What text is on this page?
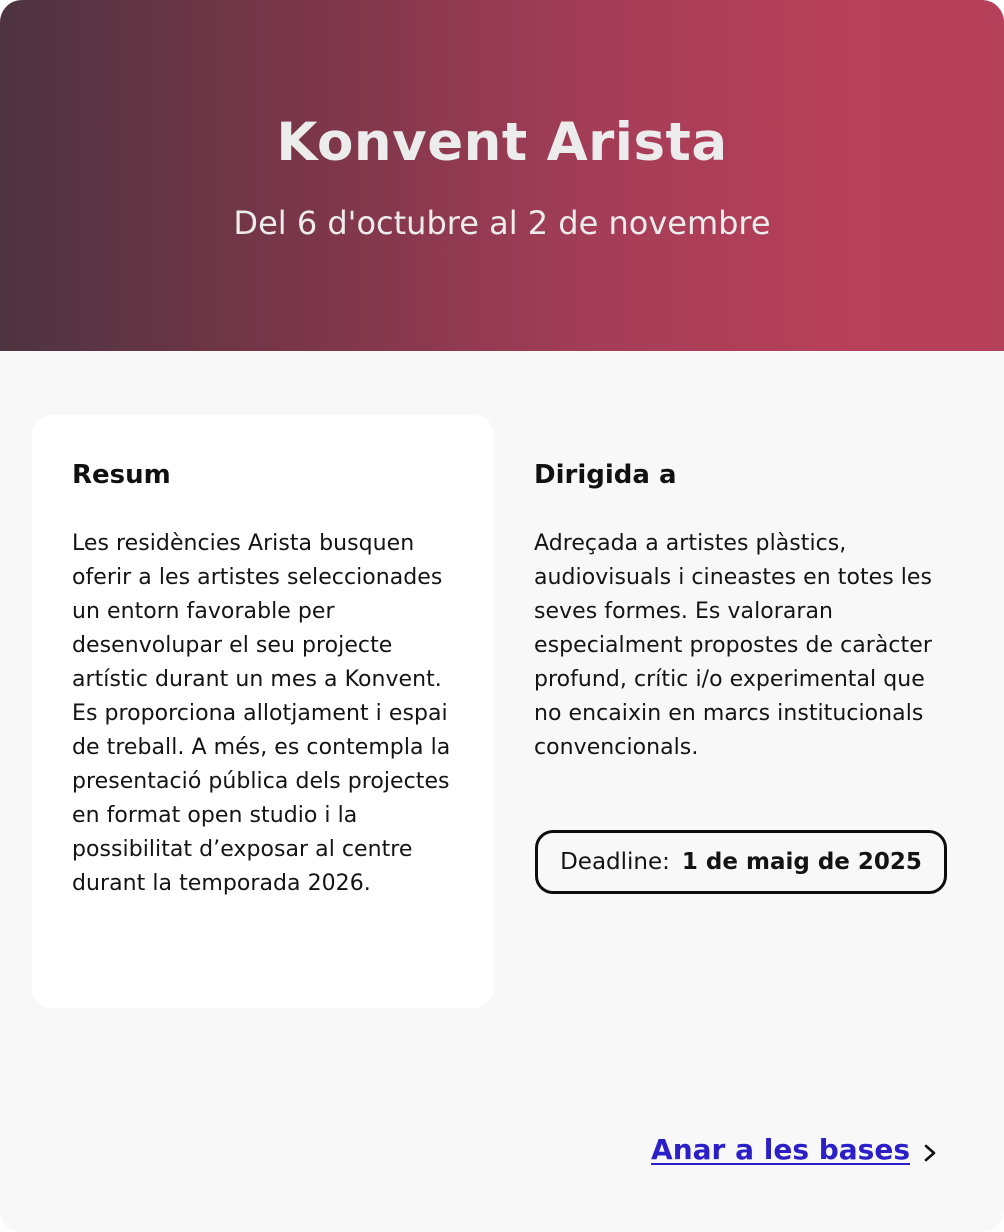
Konvent Arista
Del 6 d'octubre al 2 de novembre
Resum

Les residències Arista busquen oferir a les artistes seleccionades un entorn favorable per desenvolupar el seu projecte artístic durant un mes a Konvent. Es proporciona allotjament i espai de treball. A més, es contempla la presentació pública dels projectes en format open studio i la possibilitat d’exposar al centre durant la temporada 2026.

Dirigida a

Adreçada a artistes plàstics, audiovisuals i cineastes en totes les seves formes. Es valoraran especialment propostes de caràcter profund, crític i/o experimental que no encaixin en marcs institucionals convencionals.

Deadline: 1 de maig de 2025
Anar a les bases
